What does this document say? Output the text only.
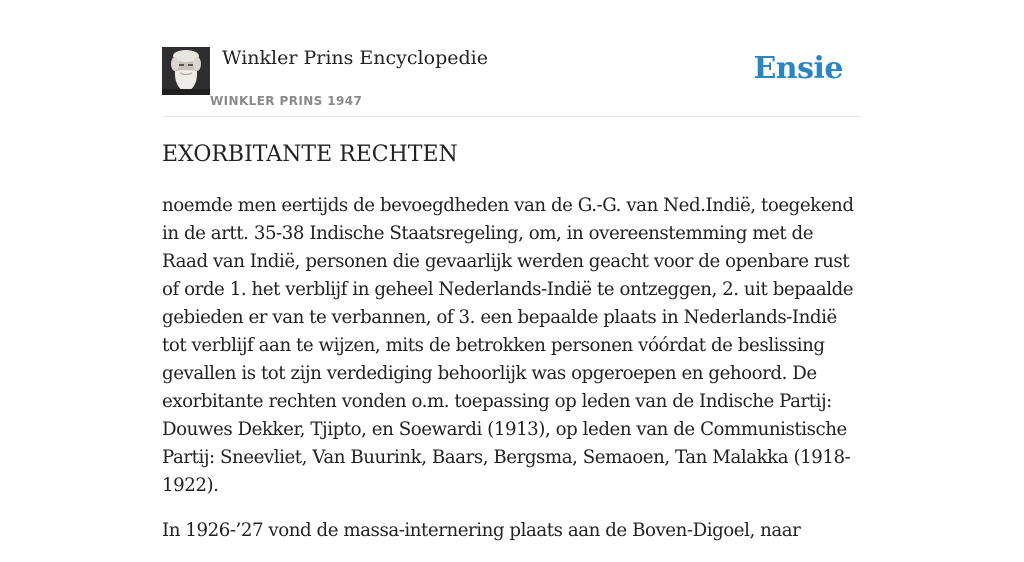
Winkler Prins Encyclopedie
WINKLER PRINS 1947
Ensie
EXORBITANTE RECHTEN

noemde men eertijds de bevoegdheden van de G.-G. van Ned.Indië, toegekend in de artt. 35-38 Indische Staatsregeling, om, in overeenstemming met de Raad van Indië, personen die gevaarlijk werden geacht voor de openbare rust of orde 1. het verblijf in geheel Nederlands-Indië te ontzeggen, 2. uit bepaalde gebieden er van te verbannen, of 3. een bepaalde plaats in Nederlands-Indië tot verblijf aan te wijzen, mits de betrokken personen vóórdat de beslissing gevallen is tot zijn verdediging behoorlijk was opgeroepen en gehoord. De exorbitante rechten vonden o.m. toepassing op leden van de Indische Partij: Douwes Dekker, Tjipto, en Soewardi (1913), op leden van de Communistische Partij: Sneevliet, Van Buurink, Baars, Bergsma, Semaoen, Tan Malakka (1918-1922).

In 1926-’27 vond de massa-internering plaats aan de Boven-Digoel, naar
